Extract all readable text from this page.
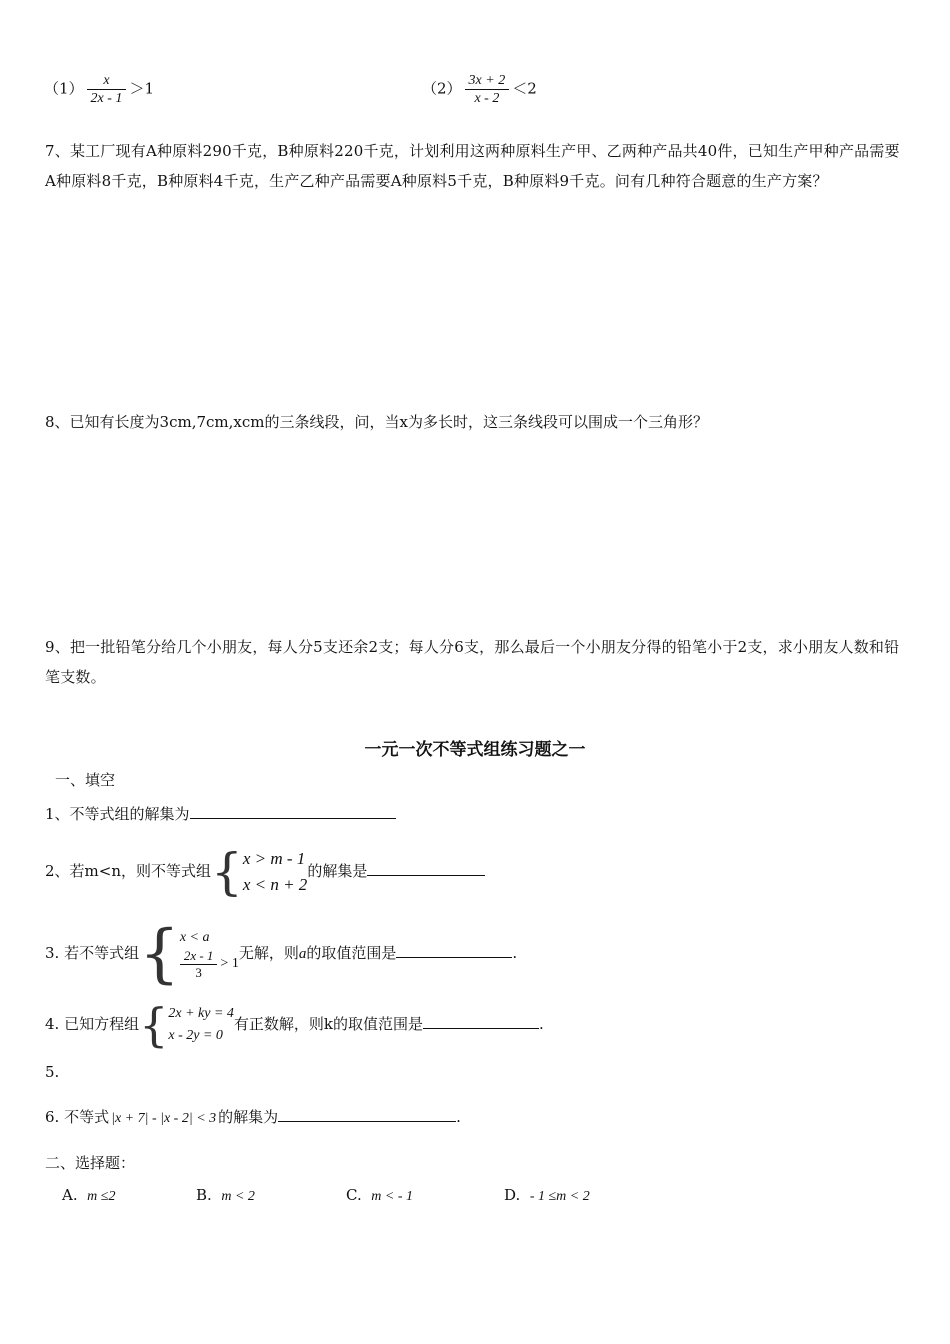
$(1) \frac{x}{2x - 1} >1$	$(2) \frac{3x + 2}{x - 2} <2$
7、某工厂现有A种原料290千克，B种原料220千克，计划利用这两种原料生产甲、乙两种产品共40件，已知生产甲种产品需要A种原料8千克，B种原料4千克，生产乙种产品需要A种原料5千克，B种原料9千克。问有几种符合题意的生产方案？
8、已知有长度为3cm,7cm,xcm的三条线段，问，当x为多长时，这三条线段可以围成一个三角形？
9、把一批铅笔分给几个小朋友，每人分5支还余2支；每人分6支，那么最后一个小朋友分得的铅笔小于2支，求小朋友人数和铅笔支数。
一元一次不等式组练习题之一
一、填空
1、不等式组的解集为
2、若m<n，则不等式组 { x > m - 1
x < n + 2
的解集是
3. 若不等式组 { x < a
$\frac{2x - 1}{3} > 1$
无解，则a的取值范围是	.
4. 已知方程组 { 2x + ky = 4
x - 2y = 0
有正数解，则k的取值范围是	.
5.
6. 不等式 |x + 7| - |x - 2| < 3 的解集为	.
二、选择题：
A. m ≤2	B. m < 2	C. m < - 1	D. - 1 ≤m < 2
